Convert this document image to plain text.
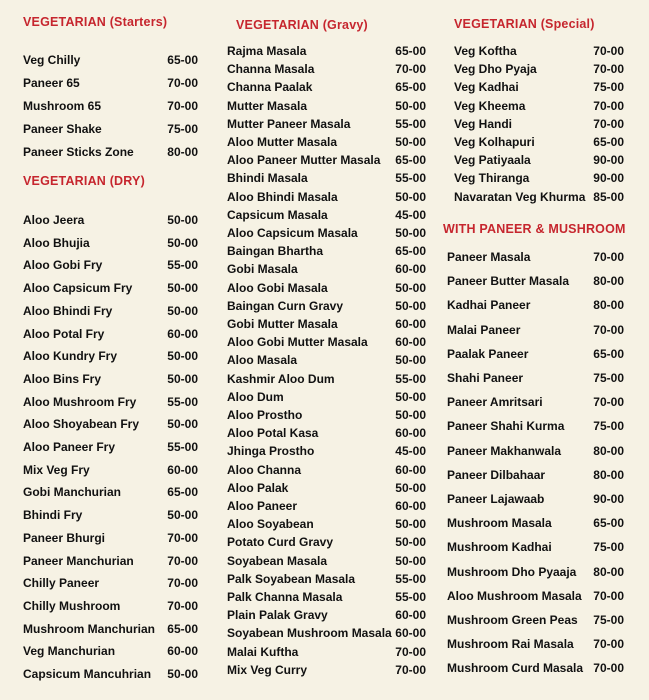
VEGETARIAN (Starters)
Veg Chilly	65-00
Paneer 65	70-00
Mushroom 65	70-00
Paneer Shake	75-00
Paneer Sticks Zone	80-00
VEGETARIAN (DRY)
Aloo Jeera	50-00
Aloo Bhujia	50-00
Aloo Gobi Fry	55-00
Aloo Capsicum Fry	50-00
Aloo Bhindi Fry	50-00
Aloo Potal Fry	60-00
Aloo Kundry Fry	50-00
Aloo Bins Fry	50-00
Aloo Mushroom Fry	55-00
Aloo Shoyabean Fry 50-00
Aloo Paneer Fry	55-00
Mix Veg Fry	60-00
Gobi Manchurian	65-00
Bhindi Fry	50-00
Paneer Bhurgi	70-00
Paneer Manchurian	70-00
Chilly Paneer	70-00
Chilly Mushroom	70-00
Mushroom Manchurian 65-00
Veg Manchurian	60-00
Capsicum Mancuhrian 50-00
VEGETARIAN (Gravy)
Rajma Masala	65-00
Channa Masala	70-00
Channa Paalak	65-00
Mutter Masala	50-00
Mutter Paneer Masala	55-00
Aloo Mutter Masala	50-00
Aloo Paneer Mutter Masala 65-00
Bhindi Masala	55-00
Aloo Bhindi Masala	50-00
Capsicum Masala	45-00
Aloo Capsicum Masala	50-00
Baingan Bhartha	65-00
Gobi Masala	60-00
Aloo Gobi Masala	50-00
Baingan Curn Gravy	50-00
Gobi Mutter Masala	60-00
Aloo Gobi Mutter Masala 60-00
Aloo Masala	50-00
Kashmir Aloo Dum	55-00
Aloo Dum	50-00
Aloo Prostho	50-00
Aloo Potal Kasa	60-00
Jhinga Prostho	45-00
Aloo Channa	60-00
Aloo Palak	50-00
Aloo Paneer	60-00
Aloo Soyabean	50-00
Potato Curd Gravy	50-00
Soyabean Masala	50-00
Palk Soyabean Masala	55-00
Palk Channa Masala	55-00
Plain Palak Gravy	60-00
Soyabean Mushroom Masala 60-00
Malai Kuftha	70-00
Mix Veg Curry	70-00
VEGETARIAN (Special)
Veg Koftha	70-00
Veg Dho Pyaja	70-00
Veg Kadhai	75-00
Veg Kheema	70-00
Veg Handi	70-00
Veg Kolhapuri	65-00
Veg Patiyaala	90-00
Veg Thiranga	90-00
Navaratan Veg Khurma 85-00
WITH PANEER & MUSHROOM
Paneer Masala	70-00
Paneer Butter Masala 80-00
Kadhai Paneer	80-00
Malai Paneer	70-00
Paalak Paneer	65-00
Shahi Paneer	75-00
Paneer Amritsari	70-00
Paneer Shahi Kurma 75-00
Paneer Makhanwala	80-00
Paneer Dilbahaar	80-00
Paneer Lajawaab	90-00
Mushroom Masala	65-00
Mushroom Kadhai	75-00
Mushroom Dho Pyaaja 80-00
Aloo Mushroom Masala 70-00
Mushroom Green Peas 75-00
Mushroom Rai Masala 70-00
Mushroom Curd Masala 70-00
